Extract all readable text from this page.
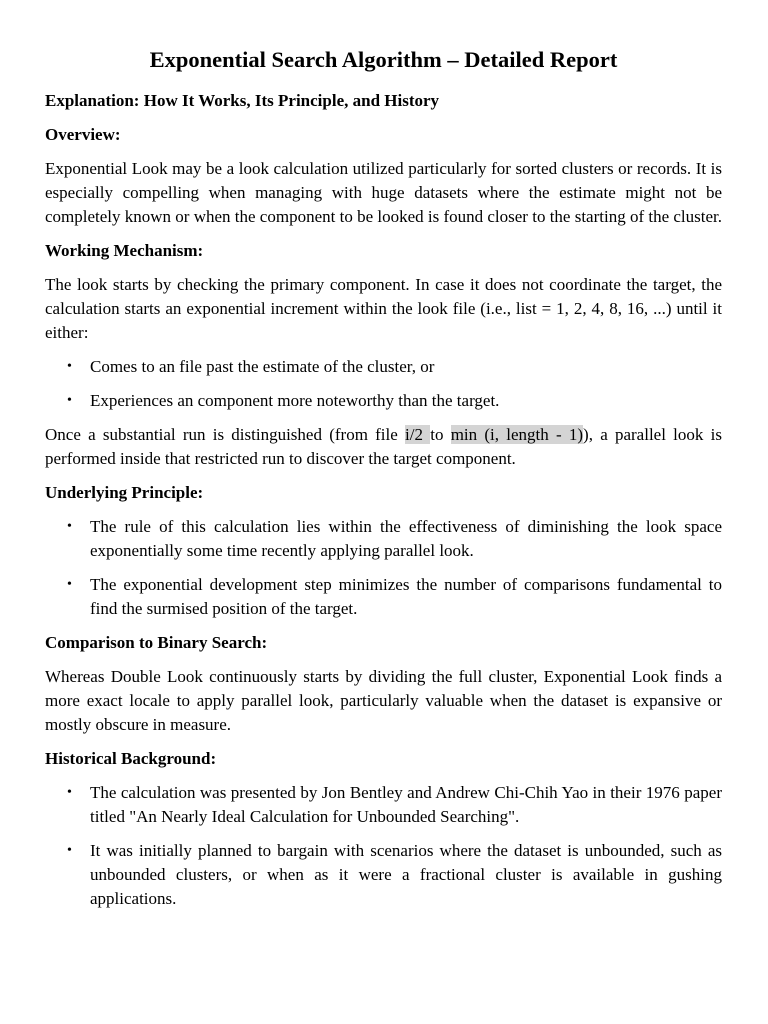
Exponential Search Algorithm – Detailed Report
Explanation: How It Works, Its Principle, and History
Overview:

Exponential Look may be a look calculation utilized particularly for sorted clusters or records. It is especially compelling when managing with huge datasets where the estimate might not be completely known or when the component to be looked is found closer to the starting of the cluster.

Working Mechanism:

The look starts by checking the primary component. In case it does not coordinate the target, the calculation starts an exponential increment within the look file (i.e., list = 1, 2, 4, 8, 16, ...) until it either:

• Comes to an file past the estimate of the cluster, or
• Experiences an component more noteworthy than the target.

Once a substantial run is distinguished (from file i/2 to min (i, length - 1)), a parallel look is performed inside that restricted run to discover the target component.

Underlying Principle:
• The rule of this calculation lies within the effectiveness of diminishing the look space exponentially some time recently applying parallel look.
• The exponential development step minimizes the number of comparisons fundamental to find the surmised position of the target.
Comparison to Binary Search:

Whereas Double Look continuously starts by dividing the full cluster, Exponential Look finds a more exact locale to apply parallel look, particularly valuable when the dataset is expansive or mostly obscure in measure.

Historical Background:
• The calculation was presented by Jon Bentley and Andrew Chi-Chih Yao in their 1976 paper titled "An Nearly Ideal Calculation for Unbounded Searching".
• It was initially planned to bargain with scenarios where the dataset is unbounded, such as unbounded clusters, or when as it were a fractional cluster is available in gushing applications.
